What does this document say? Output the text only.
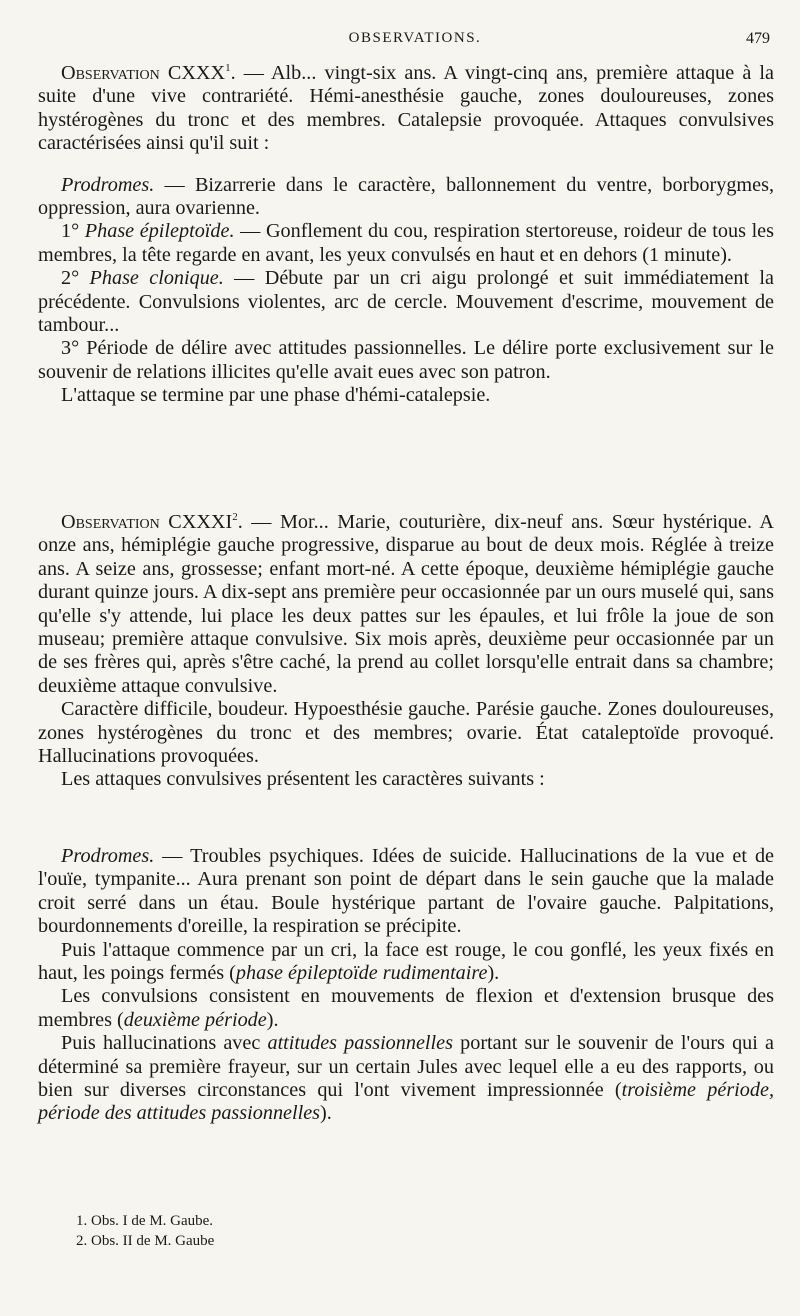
OBSERVATIONS.	479

Observation CXXX$^1$. — Alb... vingt-six ans. A vingt-cinq ans, première attaque à la suite d'une vive contrariété. Hémi-anesthésie gauche, zones douloureuses, zones hystérogènes du tronc et des membres. Catalepsie provoquée. Attaques convulsives caractérisées ainsi qu'il suit :

Prodromes. — Bizarrerie dans le caractère, ballonnement du ventre, borborygmes, oppression, aura ovarienne.

1° Phase épileptoïde. — Gonflement du cou, respiration stertoreuse, roideur de tous les membres, la tête regarde en avant, les yeux convulsés en haut et en dehors (1 minute).

2° Phase clonique. — Débute par un cri aigu prolongé et suit immédiatement la précédente. Convulsions violentes, arc de cercle. Mouvement d'escrime, mouvement de tambour...

3° Période de délire avec attitudes passionnelles. Le délire porte exclusivement sur le souvenir de relations illicites qu'elle avait eues avec son patron.

L'attaque se termine par une phase d'hémi-catalepsie.

Observation CXXXI$^2$. — Mor... Marie, couturière, dix-neuf ans. Sœur hystérique. A onze ans, hémiplégie gauche progressive, disparue au bout de deux mois. Réglée à treize ans. A seize ans, grossesse; enfant mort-né. A cette époque, deuxième hémiplégie gauche durant quinze jours. A dix-sept ans première peur occasionnée par un ours muselé qui, sans qu'elle s'y attende, lui place les deux pattes sur les épaules, et lui frôle la joue de son museau; première attaque convulsive. Six mois après, deuxième peur occasionnée par un de ses frères qui, après s'être caché, la prend au collet lorsqu'elle entrait dans sa chambre; deuxième attaque convulsive.

Caractère difficile, boudeur. Hypoesthésie gauche. Parésie gauche. Zones douloureuses, zones hystérogènes du tronc et des membres; ovarie. État cataleptoïde provoqué. Hallucinations provoquées.

Les attaques convulsives présentent les caractères suivants :

Prodromes. — Troubles psychiques. Idées de suicide. Hallucinations de la vue et de l'ouïe, tympanite... Aura prenant son point de départ dans le sein gauche que la malade croit serré dans un étau. Boule hystérique partant de l'ovaire gauche. Palpitations, bourdonnements d'oreille, la respiration se précipite.

Puis l'attaque commence par un cri, la face est rouge, le cou gonflé, les yeux fixés en haut, les poings fermés (phase épileptoïde rudimentaire).

Les convulsions consistent en mouvements de flexion et d'extension brusque des membres (deuxième période).

Puis hallucinations avec attitudes passionnelles portant sur le souvenir de l'ours qui a déterminé sa première frayeur, sur un certain Jules avec lequel elle a eu des rapports, ou bien sur diverses circonstances qui l'ont vivement impressionnée (troisième période, période des attitudes passionnelles).

1. Obs. I de M. Gaube.
2. Obs. II de M. Gaube
